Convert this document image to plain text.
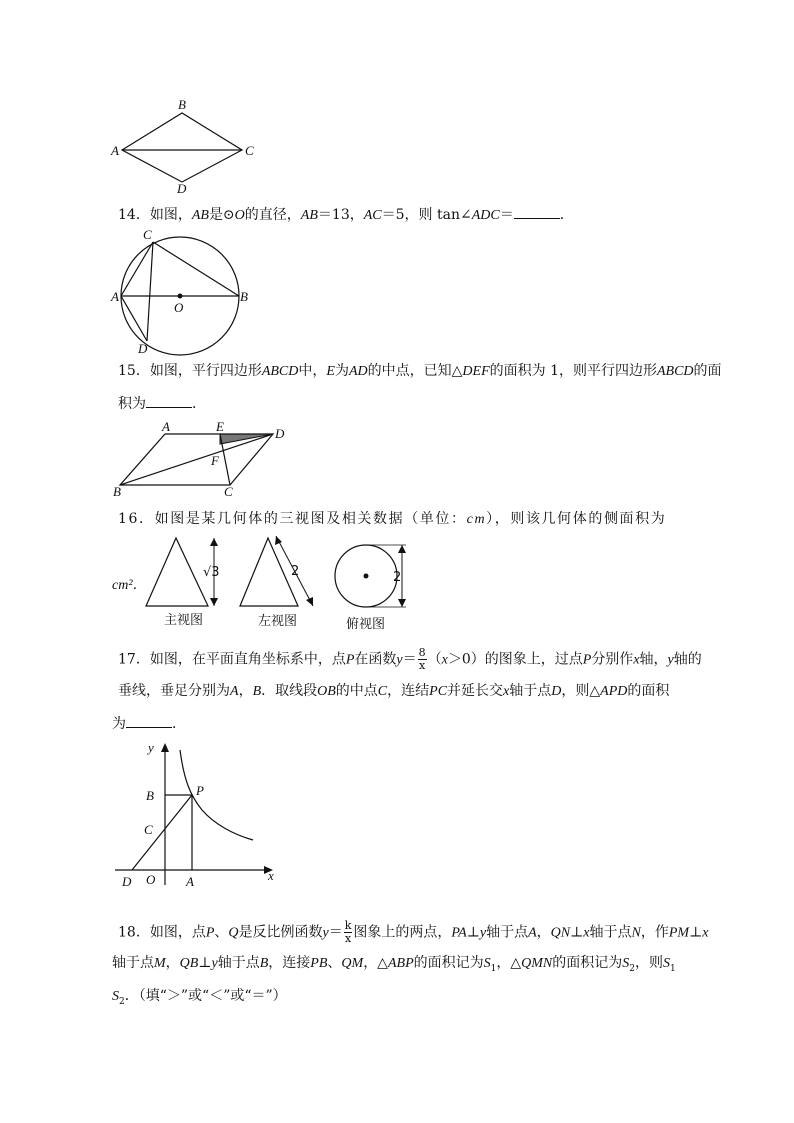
B
A	C
D
14．如图，AB是⊙O的直径，AB＝13，AC＝5，则 tan∠ADC＝	．
C
A
O
B
D
15．如图，平行四边形ABCD中，E为AD的中点，已知△DEF的面积为 1，则平行四边形ABCD的面
积为	．
A	E	D
F
B	C
16．如图是某几何体的三视图及相关数据（单位：cm），则该几何体的侧面积为
√3
主视图
2
左视图
2
俯视图
cm²．
17．如图，在平面直角坐标系中，点P在函数$y= \frac{8}{x} (x>0)$的图象上，过点P分别作x轴，y轴的
垂线，垂足分别为A，B．取线段OB的中点C，连结PC并延长交x轴于点D，则△APD的面积
为	．
y
B	P
C
D O A	x
18．如图，点P、Q是反比例函数$y= \frac{k}{x}$ 图象上的两点，PA⊥y轴于点A，QN⊥x轴于点N，作PM⊥x
轴于点M，QB⊥y轴于点B，连接PB、QM，△ABP的面积记为$S_1$，△QMN的面积记为$S_2$，则$S_1$
$S_2$．（填“＞”或“＜”或“＝”）
